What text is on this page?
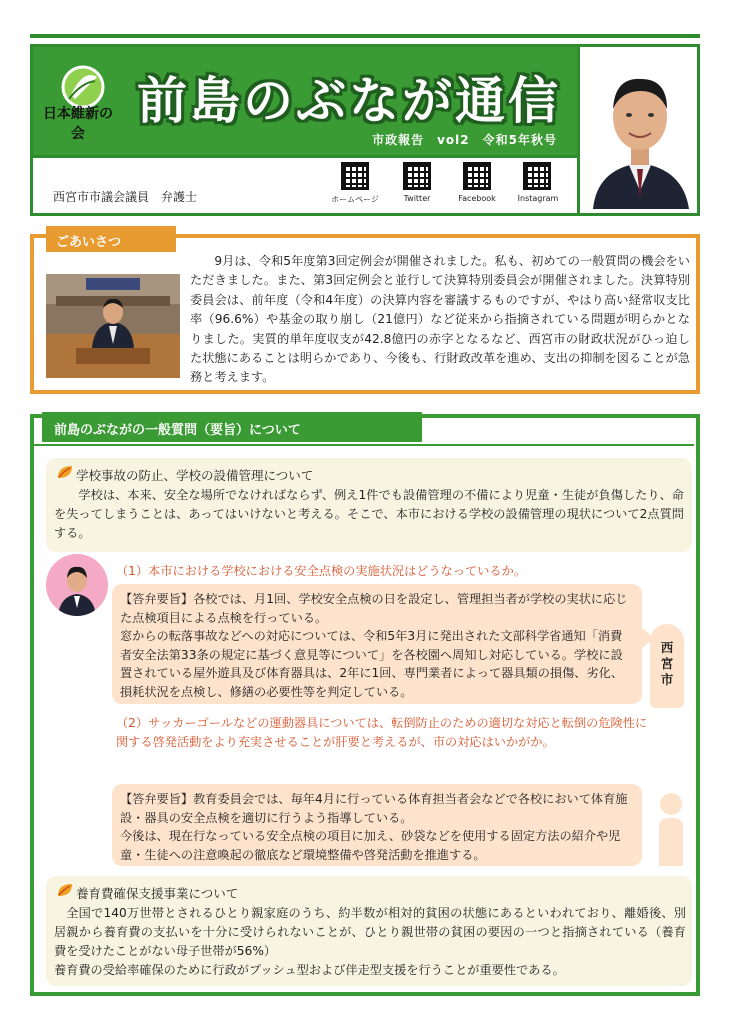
日本維新の会
前島のぶなが通信
市政報告　vol2　令和5年秋号
西宮市市議会議員　弁護士	ホームページ	Twitter	Facebook	Instagram
ごあいさつ
9月は、令和5年度第3回定例会が開催されました。私も、初めての一般質問の機会をいただきました。また、第3回定例会と並行して決算特別委員会が開催されました。決算特別委員会は、前年度（令和4年度）の決算内容を審議するものですが、やはり高い経常収支比率（96.6%）や基金の取り崩し（21億円）など従来から指摘されている問題が明らかとなりました。実質的単年度収支が42.8億円の赤字となるなど、西宮市の財政状況がひっ迫した状態にあることは明らかであり、今後も、行財政改革を進め、支出の抑制を図ることが急務と考えます。
前島のぶながの一般質問（要旨）について
学校事故の防止、学校の設備管理について
学校は、本来、安全な場所でなければならず、例え1件でも設備管理の不備により児童・生徒が負傷したり、命を失ってしまうことは、あってはいけないと考える。そこで、本市における学校の設備管理の現状について2点質問する。
（1）本市における学校における安全点検の実施状況はどうなっているか。
【答弁要旨】各校では、月1回、学校安全点検の日を設定し、管理担当者が学校の実状に応じた点検項目による点検を行っている。
窓からの転落事故などへの対応については、令和5年3月に発出された文部科学省通知「消費者安全法第33条の規定に基づく意見等について」を各校園へ周知し対応している。学校に設置されている屋外遊具及び体育器具は、2年に1回、専門業者によって器具類の損傷、劣化、損耗状況を点検し、修繕の必要性等を判定している。
西宮市
（2）サッカーゴールなどの運動器具については、転倒防止のための適切な対応と転倒の危険性に関する啓発活動をより充実させることが肝要と考えるが、市の対応はいかがか。
【答弁要旨】教育委員会では、毎年4月に行っている体育担当者会などで各校において体育施設・器具の安全点検を適切に行うよう指導している。
今後は、現在行なっている安全点検の項目に加え、砂袋などを使用する固定方法の紹介や児童・生徒への注意喚起の徹底など環境整備や啓発活動を推進する。
養育費確保支援事業について
全国で140万世帯とされるひとり親家庭のうち、約半数が相対的貧困の状態にあるといわれており、離婚後、別居親から養育費の支払いを十分に受けられないことが、ひとり親世帯の貧困の要因の一つと指摘されている（養育費を受けたことがない母子世帯が56%）
養育費の受給率確保のために行政がプッシュ型および伴走型支援を行うことが重要性である。
